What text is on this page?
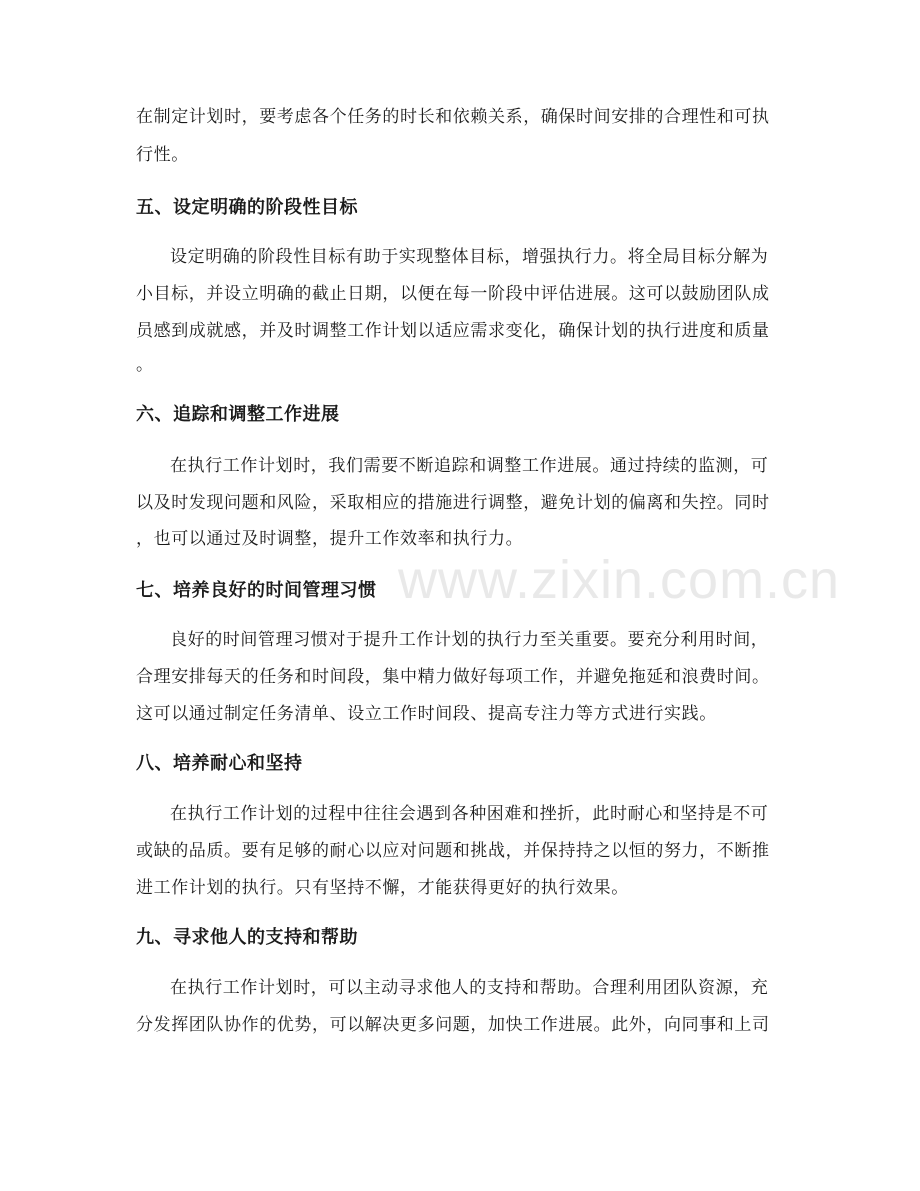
www.zixin.com.cn
在制定计划时，要考虑各个任务的时长和依赖关系，确保时间安排的合理性和可执
行性。
五、设定明确的阶段性目标
设定明确的阶段性目标有助于实现整体目标，增强执行力。将全局目标分解为
小目标，并设立明确的截止日期，以便在每一阶段中评估进展。这可以鼓励团队成
员感到成就感，并及时调整工作计划以适应需求变化，确保计划的执行进度和质量
。
六、追踪和调整工作进展
在执行工作计划时，我们需要不断追踪和调整工作进展。通过持续的监测，可
以及时发现问题和风险，采取相应的措施进行调整，避免计划的偏离和失控。同时
，也可以通过及时调整，提升工作效率和执行力。
七、培养良好的时间管理习惯
良好的时间管理习惯对于提升工作计划的执行力至关重要。要充分利用时间，
合理安排每天的任务和时间段，集中精力做好每项工作，并避免拖延和浪费时间。
这可以通过制定任务清单、设立工作时间段、提高专注力等方式进行实践。
八、培养耐心和坚持
在执行工作计划的过程中往往会遇到各种困难和挫折，此时耐心和坚持是不可
或缺的品质。要有足够的耐心以应对问题和挑战，并保持持之以恒的努力，不断推
进工作计划的执行。只有坚持不懈，才能获得更好的执行效果。
九、寻求他人的支持和帮助
在执行工作计划时，可以主动寻求他人的支持和帮助。合理利用团队资源，充
分发挥团队协作的优势，可以解决更多问题，加快工作进展。此外，向同事和上司
